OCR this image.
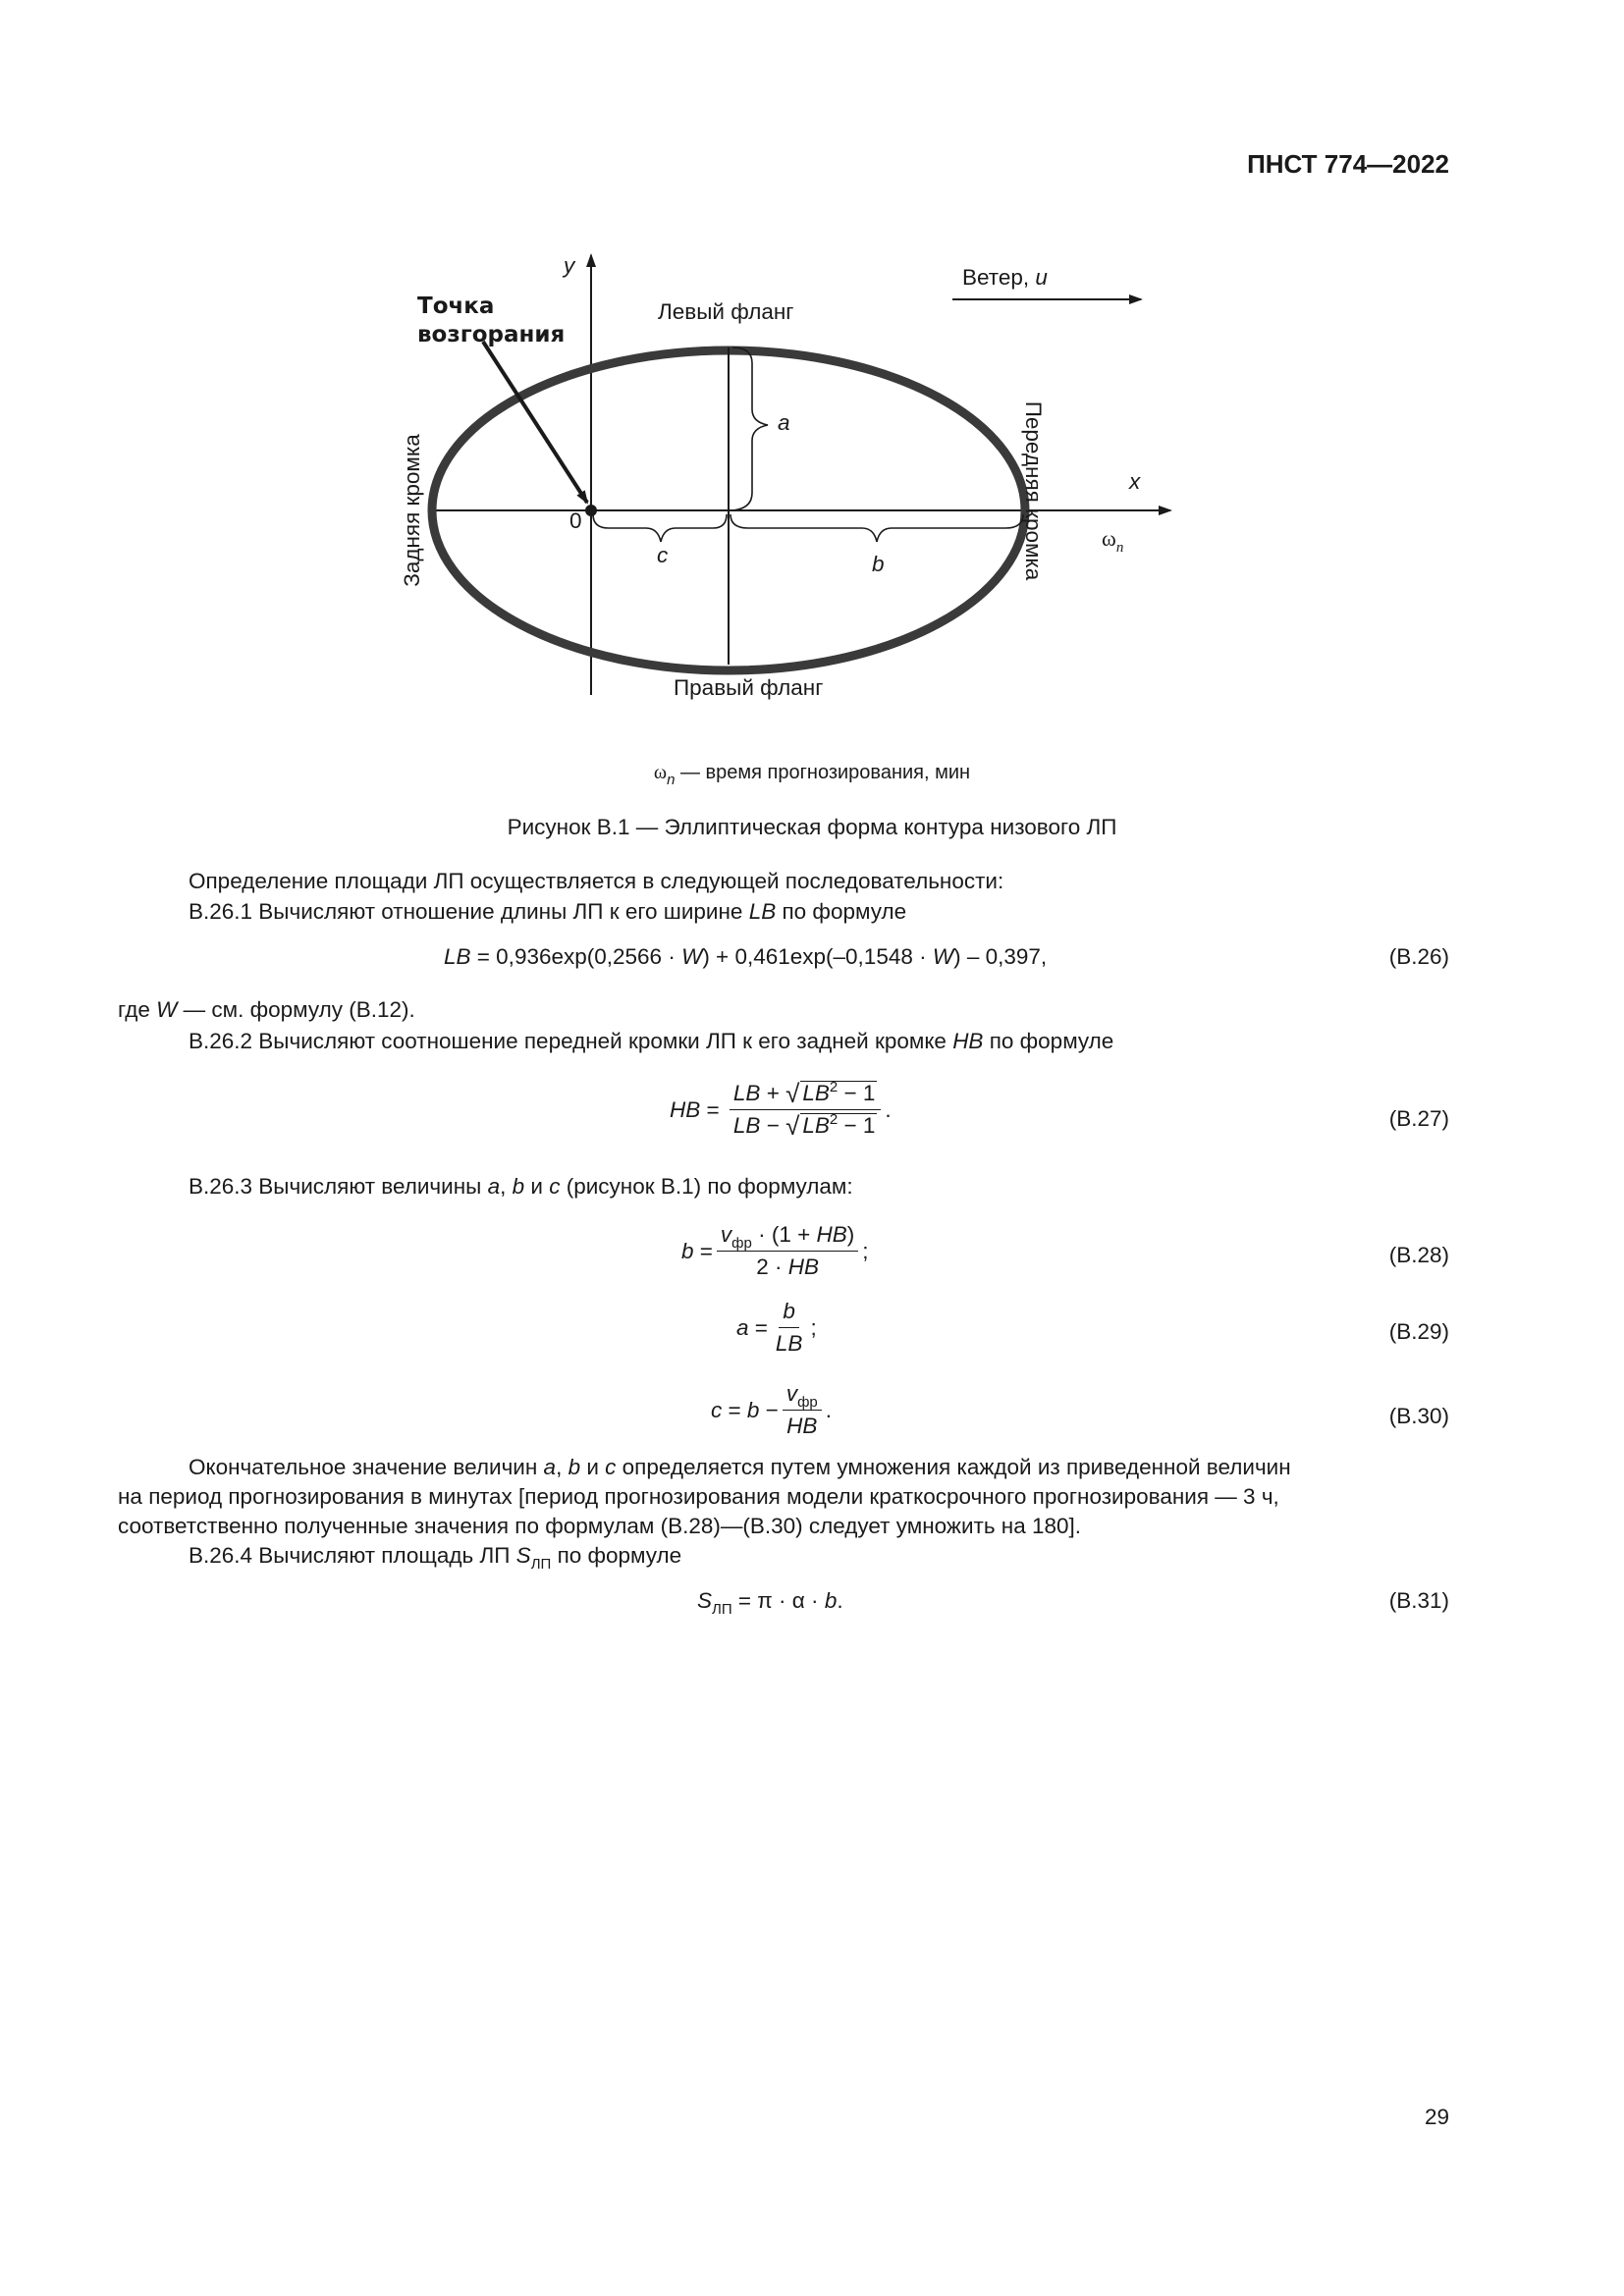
ПНСТ 774—2022
y
x
0
Ветер, u
Точка
возгорания
Левый фланг
Правый фланг
a
c	b
$\omega_n$
Задняя кромка	Передняя кромка
$\omega_n$ — время прогнозирования, мин
Рисунок В.1 — Эллиптическая форма контура низового ЛП
Определение площади ЛП осуществляется в следующей последовательности:
В.26.1 Вычисляют отношение длины ЛП к его ширине LB по формуле
LB = 0,936exp(0,2566 · W) + 0,461exp(–0,1548 · W) – 0,397,	(В.26)
где W — см. формулу (В.12).
В.26.2 Вычисляют соотношение передней кромки ЛП к его задней кромке HB по формуле
HB = $\frac{LB + √ LB^2 - 1}{LB - √ LB^2 - 1}$ .	(В.27)
В.26.3 Вычисляют величины a, b и c (рисунок В.1) по формулам:
$b = \frac{v_{фр} \cdot (1 + HB)}{2 \cdot HB}$ ;	(В.28)
$a = \frac{b}{LB}$ ;	(В.29)
$c = b - \frac{v_{фр}}{HB}$ .	(В.30)
Окончательное значение величин a, b и c определяется путем умножения каждой из приведенной величин
на период прогнозирования в минутах [период прогнозирования модели краткосрочного прогнозирования — 3 ч,
соответственно полученные значения по формулам (В.28)—(В.30) следует умножить на 180].
В.26.4 Вычисляют площадь ЛП $S_{ЛП}$ по формуле
$S_{ЛП} = \pi \cdot \alpha \cdot b$.	(В.31)
29
